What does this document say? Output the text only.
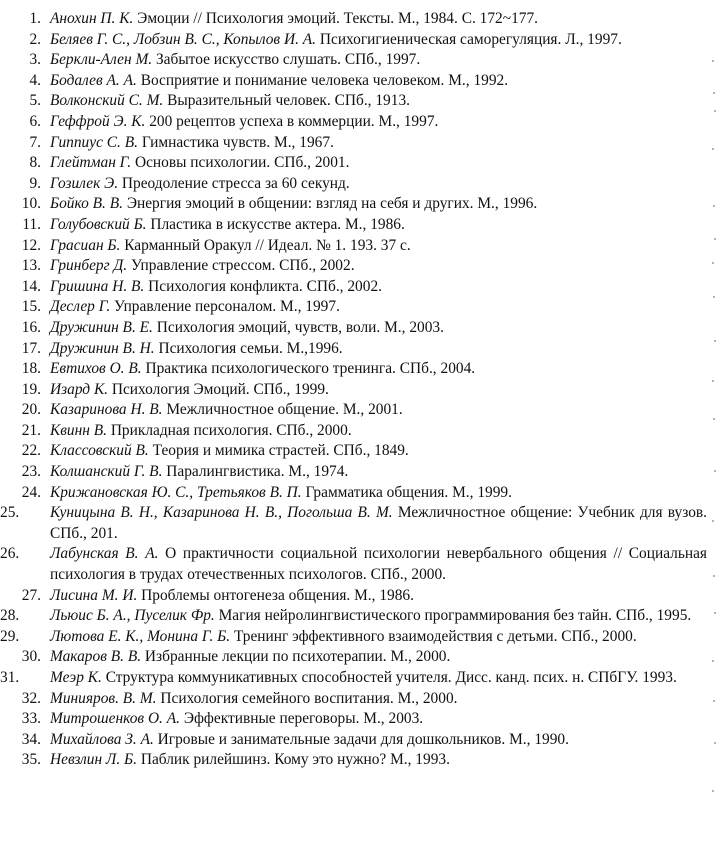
1. Анохин П. К. Эмоции // Психология эмоций. Тексты. М., 1984. С. 172~177.
2. Беляев Г. С., Лобзин В. С., Копылов И. А. Психогигиеническая саморегуляция. Л., 1997.
3. Беркли-Ален М. Забытое искусство слушать. СПб., 1997.
4. Бодалев А. А. Восприятие и понимание человека человеком. М., 1992.
5. Волконский С. М. Выразительный человек. СПб., 1913.
6. Геффрой Э. К. 200 рецептов успеха в коммерции. М., 1997.
7. Гиппиус С. В. Гимнастика чувств. М., 1967.
8. Глейтман Г. Основы психологии. СПб., 2001.
9. Гозилек Э. Преодоление стресса за 60 секунд.
10. Бойко В. В. Энергия эмоций в общении: взгляд на себя и других. М., 1996.
11. Голубовский Б. Пластика в искусстве актера. М., 1986.
12. Грасиан Б. Карманный Оракул // Идеал. № 1. 193. 37 с.
13. Гринберг Д. Управление стрессом. СПб., 2002.
14. Гришина Н. В. Психология конфликта. СПб., 2002.
15. Деслер Г. Управление персоналом. М., 1997.
16. Дружинин В. Е. Психология эмоций, чувств, воли. М., 2003.
17. Дружинин В. Н. Психология семьи. М.,1996.
18. Евтихов О. В. Практика психологического тренинга. СПб., 2004.
19. Изард К. Психология Эмоций. СПб., 1999.
20. Казаринова Н. В. Межличностное общение. М., 2001.
21. Квинн В. Прикладная психология. СПб., 2000.
22. Классовский В. Теория и мимика страстей. СПб., 1849.
23. Колшанский Г. В. Паралингвистика. М., 1974.
24. Крижановская Ю. С., Третьяков В. П. Грамматика общения. М., 1999.
25.	Куницына В. Н., Казаринова Н. В., Погольша В. М. Межличностное общение: Учебник для вузов. СПб., 201.
26.	Лабунская В. А. О практичности социальной психологии невербального общения // Социальная психология в трудах отечественных психологов. СПб., 2000.
27. Лисина М. И. Проблемы онтогенеза общения. М., 1986.
28.	Льюис Б. А., Пуселик Фр. Магия нейролингвистического программирования без тайн. СПб., 1995.
29.	Лютова Е. К., Монина Г. Б. Тренинг эффективного взаимодействия с детьми. СПб., 2000.
30. Макаров В. В. Избранные лекции по психотерапии. М., 2000.
31.	Меэр К. Структура коммуникативных способностей учителя. Дисс. канд. псих. н. СПбГУ. 1993.
32. Минияров. В. М. Психология семейного воспитания. М., 2000.
33. Митрошенков О. А. Эффективные переговоры. М., 2003.
34. Михайлова З. А. Игровые и занимательные задачи для дошкольников. М., 1990.
35. Невзлин Л. Б. Паблик рилейшинз. Кому это нужно? М., 1993.
